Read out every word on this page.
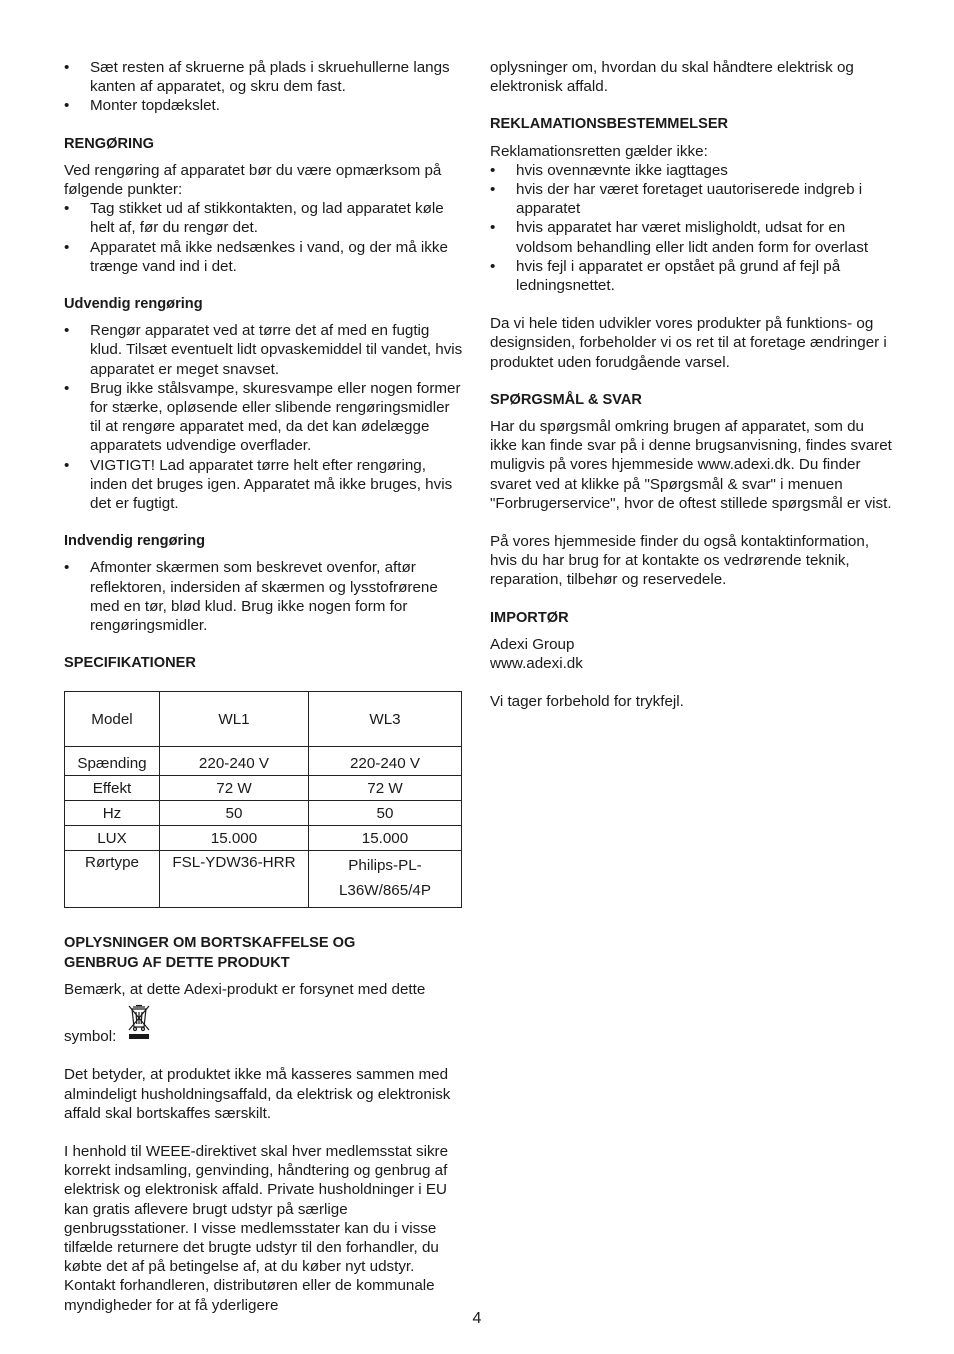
• Sæt resten af skruerne på plads i skruehullerne langs kanten af apparatet, og skru dem fast.
• Monter topdækslet.

RENGØRING

Ved rengøring af apparatet bør du være opmærksom på følgende punkter:

• Tag stikket ud af stikkontakten, og lad apparatet køle helt af, før du rengør det.
• Apparatet må ikke nedsænkes i vand, og der må ikke trænge vand ind i det.

Udvendig rengøring

• Rengør apparatet ved at tørre det af med en fugtig klud. Tilsæt eventuelt lidt opvaskemiddel til vandet, hvis apparatet er meget snavset.
• Brug ikke stålsvampe, skuresvampe eller nogen former for stærke, opløsende eller slibende rengøringsmidler til at rengøre apparatet med, da det kan ødelægge apparatets udvendige overflader.
• VIGTIGT! Lad apparatet tørre helt efter rengøring, inden det bruges igen. Apparatet må ikke bruges, hvis det er fugtigt.

Indvendig rengøring

• Afmonter skærmen som beskrevet ovenfor, aftør reflektoren, indersiden af skærmen og lysstofrørene med en tør, blød klud. Brug ikke nogen form for rengøringsmidler.

SPECIFIKATIONER

Model	WL1	WL3
Spænding	220-240 V	220-240 V
Effekt	72 W	72 W
Hz	50	50
LUX	15.000	15.000
Rørtype	FSL-YDW36-HRR	Philips-PL-L36W/865/4P

OPLYSNINGER OM BORTSKAFFELSE OG

GENBRUG AF DETTE PRODUKT

Bemærk, at dette Adexi-produkt er forsynet med dette

symbol:

Det betyder, at produktet ikke må kasseres sammen med almindeligt husholdningsaffald, da elektrisk og elektronisk affald skal bortskaffes særskilt.

I henhold til WEEE-direktivet skal hver medlemsstat sikre korrekt indsamling, genvinding, håndtering og genbrug af elektrisk og elektronisk affald. Private husholdninger i EU kan gratis aflevere brugt udstyr på særlige genbrugsstationer. I visse medlemsstater kan du i visse tilfælde returnere det brugte udstyr til den forhandler, du købte det af på betingelse af, at du køber nyt udstyr. Kontakt forhandleren, distributøren eller de kommunale myndigheder for at få yderligere

oplysninger om, hvordan du skal håndtere elektrisk og elektronisk affald.

REKLAMATIONSBESTEMMELSER

Reklamationsretten gælder ikke:

• hvis ovennævnte ikke iagttages
• hvis der har været foretaget uautoriserede indgreb i apparatet
• hvis apparatet har været misligholdt, udsat for en voldsom behandling eller lidt anden form for overlast
• hvis fejl i apparatet er opstået på grund af fejl på ledningsnettet.

Da vi hele tiden udvikler vores produkter på funktions- og designsiden, forbeholder vi os ret til at foretage ændringer i produktet uden forudgående varsel.

SPØRGSMÅL & SVAR

Har du spørgsmål omkring brugen af apparatet, som du ikke kan finde svar på i denne brugsanvisning, findes svaret muligvis på vores hjemmeside www.adexi.dk. Du finder svaret ved at klikke på "Spørgsmål & svar" i menuen "Forbrugerservice", hvor de oftest stillede spørgsmål er vist.

På vores hjemmeside finder du også kontaktinformation, hvis du har brug for at kontakte os vedrørende teknik, reparation, tilbehør og reservedele.

IMPORTØR

Adexi Group

www.adexi.dk

Vi tager forbehold for trykfejl.

4
